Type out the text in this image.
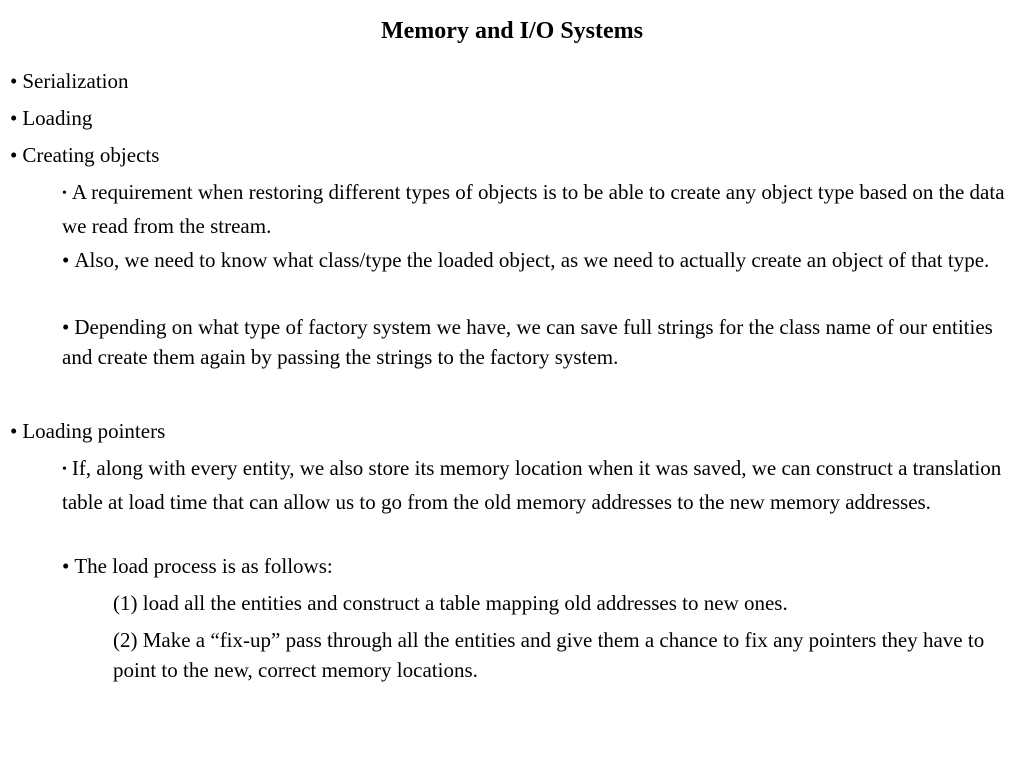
Memory and I/O Systems
• Serialization
• Loading
• Creating objects
• A requirement when restoring different types of objects is to be able to create any object type based on the data we read from the stream.
• Also, we need to know what class/type the loaded object, as we need to actually create an object of that type.
• Depending on what type of factory system we have, we can save full strings for the class name of our entities and create them again by passing the strings to the factory system.
• Loading pointers
• If, along with every entity, we also store its memory location when it was saved, we can construct a translation table at load time that can allow us to go from the old memory addresses to the new memory addresses.
• The load process is as follows:
(1) load all the entities and construct a table mapping old addresses to new ones.
(2) Make a “fix-up” pass through all the entities and give them a chance to fix any pointers they have to point to the new, correct memory locations.
